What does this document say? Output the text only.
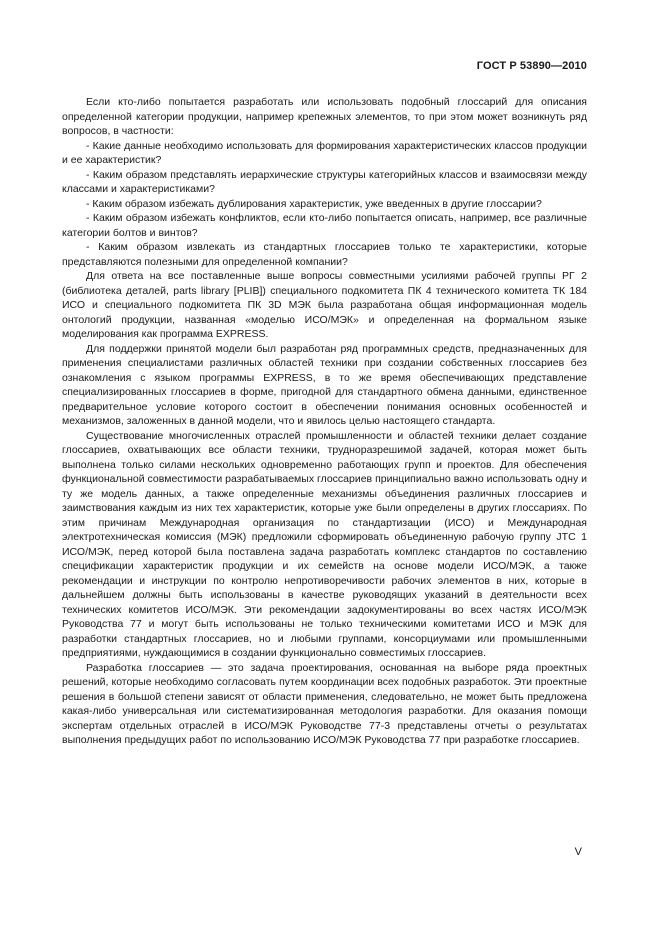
ГОСТ Р 53890—2010

Если кто-либо попытается разработать или использовать подобный глоссарий для описания определенной категории продукции, например крепежных элементов, то при этом может возникнуть ряд вопросов, в частности:

- Какие данные необходимо использовать для формирования характеристических классов продукции и ее характеристик?

- Каким образом представлять иерархические структуры категорийных классов и взаимосвязи между классами и характеристиками?

- Каким образом избежать дублирования характеристик, уже введенных в другие глоссарии?

- Каким образом избежать конфликтов, если кто-либо попытается описать, например, все различные категории болтов и винтов?

- Каким образом извлекать из стандартных глоссариев только те характеристики, которые представляются полезными для определенной компании?

Для ответа на все поставленные выше вопросы совместными усилиями рабочей группы РГ 2 (библиотека деталей, parts library [PLIB]) специального подкомитета ПК 4 технического комитета ТК 184 ИСО и специального подкомитета ПК 3D МЭК была разработана общая информационная модель онтологий продукции, названная «моделью ИСО/МЭК» и определенная на формальном языке моделирования как программа EXPRESS.

Для поддержки принятой модели был разработан ряд программных средств, предназначенных для применения специалистами различных областей техники при создании собственных глоссариев без ознакомления с языком программы EXPRESS, в то же время обеспечивающих представление специализированных глоссариев в форме, пригодной для стандартного обмена данными, единственное предварительное условие которого состоит в обеспечении понимания основных особенностей и механизмов, заложенных в данной модели, что и явилось целью настоящего стандарта.

Существование многочисленных отраслей промышленности и областей техники делает создание глоссариев, охватывающих все области техники, трудноразрешимой задачей, которая может быть выполнена только силами нескольких одновременно работающих групп и проектов. Для обеспечения функциональной совместимости разрабатываемых глоссариев принципиально важно использовать одну и ту же модель данных, а также определенные механизмы объединения различных глоссариев и заимствования каждым из них тех характеристик, которые уже были определены в других глоссариях. По этим причинам Международная организация по стандартизации (ИСО) и Международная электротехническая комиссия (МЭК) предложили сформировать объединенную рабочую группу JTC 1 ИСО/МЭК, перед которой была поставлена задача разработать комплекс стандартов по составлению спецификации характеристик продукции и их семейств на основе модели ИСО/МЭК, а также рекомендации и инструкции по контролю непротиворечивости рабочих элементов в них, которые в дальнейшем должны быть использованы в качестве руководящих указаний в деятельности всех технических комитетов ИСО/МЭК. Эти рекомендации задокументированы во всех частях ИСО/МЭК Руководства 77 и могут быть использованы не только техническими комитетами ИСО и МЭК для разработки стандартных глоссариев, но и любыми группами, консорциумами или промышленными предприятиями, нуждающимися в создании функционально совместимых глоссариев.

Разработка глоссариев — это задача проектирования, основанная на выборе ряда проектных решений, которые необходимо согласовать путем координации всех подобных разработок. Эти проектные решения в большой степени зависят от области применения, следовательно, не может быть предложена какая-либо универсальная или систематизированная методология разработки. Для оказания помощи экспертам отдельных отраслей в ИСО/МЭК Руководстве 77-3 представлены отчеты о результатах выполнения предыдущих работ по использованию ИСО/МЭК Руководства 77 при разработке глоссариев.

V
